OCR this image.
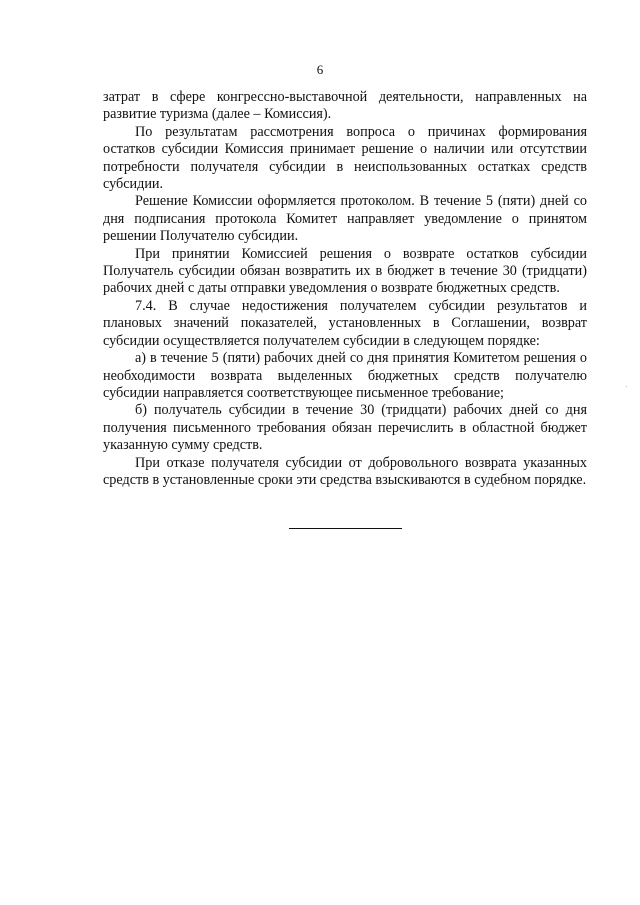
6

затрат в сфере конгрессно-выставочной деятельности, направленных на развитие туризма (далее – Комиссия).

По результатам рассмотрения вопроса о причинах формирования остатков субсидии Комиссия принимает решение о наличии или отсутствии потребности получателя субсидии в неиспользованных остатках средств субсидии.

Решение Комиссии оформляется протоколом. В течение 5 (пяти) дней со дня подписания протокола Комитет направляет уведомление о принятом решении Получателю субсидии.

При принятии Комиссией решения о возврате остатков субсидии Получатель субсидии обязан возвратить их в бюджет в течение 30 (тридцати) рабочих дней с даты отправки уведомления о возврате бюджетных средств.

7.4. В случае недостижения получателем субсидии результатов и плановых значений показателей, установленных в Соглашении, возврат субсидии осуществляется получателем субсидии в следующем порядке:

а) в течение 5 (пяти) рабочих дней со дня принятия Комитетом решения о необходимости возврата выделенных бюджетных средств получателю субсидии направляется соответствующее письменное требование;

б) получатель субсидии в течение 30 (тридцати) рабочих дней со дня получения письменного требования обязан перечислить в областной бюджет указанную сумму средств.

При отказе получателя субсидии от добровольного возврата указанных средств в установленные сроки эти средства взыскиваются в судебном порядке.
